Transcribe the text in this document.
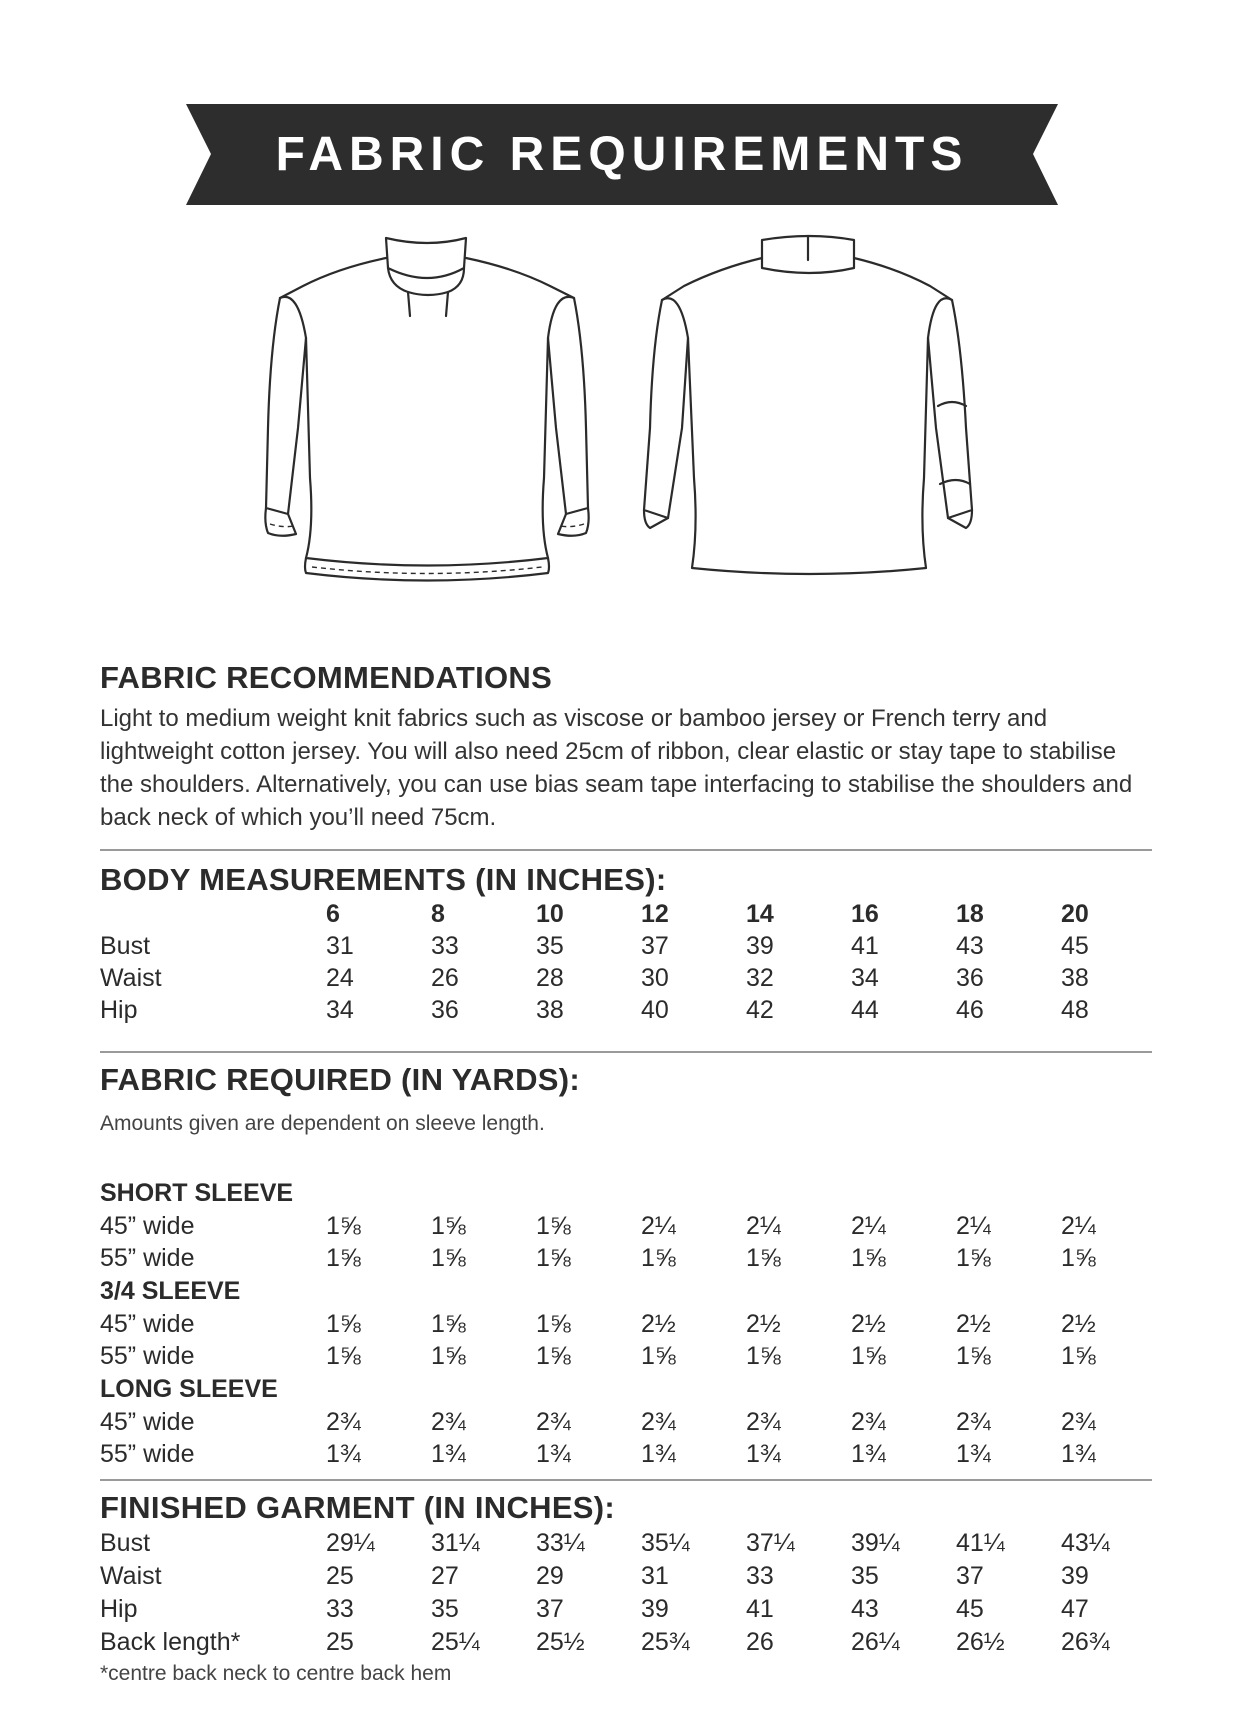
FABRIC REQUIREMENTS
FABRIC RECOMMENDATIONS

Light to medium weight knit fabrics such as viscose or bamboo jersey or French terry and lightweight cotton jersey. You will also need 25cm of ribbon, clear elastic or stay tape to stabilise the shoulders. Alternatively, you can use bias seam tape interfacing to stabilise the shoulders and back neck of which you’ll need 75cm.

BODY MEASUREMENTS (IN INCHES):
6	8	10	12	14	16	18	20
Bust	31	33	35	37	39	41	43	45
Waist	24	26	28	30	32	34	36	38
Hip	34	36	38	40	42	44	46	48
FABRIC REQUIRED (IN YARDS):
Amounts given are dependent on sleeve length.
SHORT SLEEVE
45” wide	1⅝	1⅝	1⅝	2¼	2¼	2¼	2¼	2¼
55” wide	1⅝	1⅝	1⅝	1⅝	1⅝	1⅝	1⅝	1⅝
3/4 SLEEVE
45” wide	1⅝	1⅝	1⅝	2½	2½	2½	2½	2½
55” wide	1⅝	1⅝	1⅝	1⅝	1⅝	1⅝	1⅝	1⅝
LONG SLEEVE
45” wide	2¾	2¾	2¾	2¾	2¾	2¾	2¾	2¾
55” wide	1¾	1¾	1¾	1¾	1¾	1¾	1¾	1¾
FINISHED GARMENT (IN INCHES):
Bust	29¼ 31¼ 33¼ 35¼ 37¼ 39¼ 41¼ 43¼
Waist	25	27	29	31	33	35	37	39
Hip	33	35	37	39	41	43	45	47
Back length*	25	25¼ 25½ 25¾ 26	26¼ 26½ 26¾
*centre back neck to centre back hem
